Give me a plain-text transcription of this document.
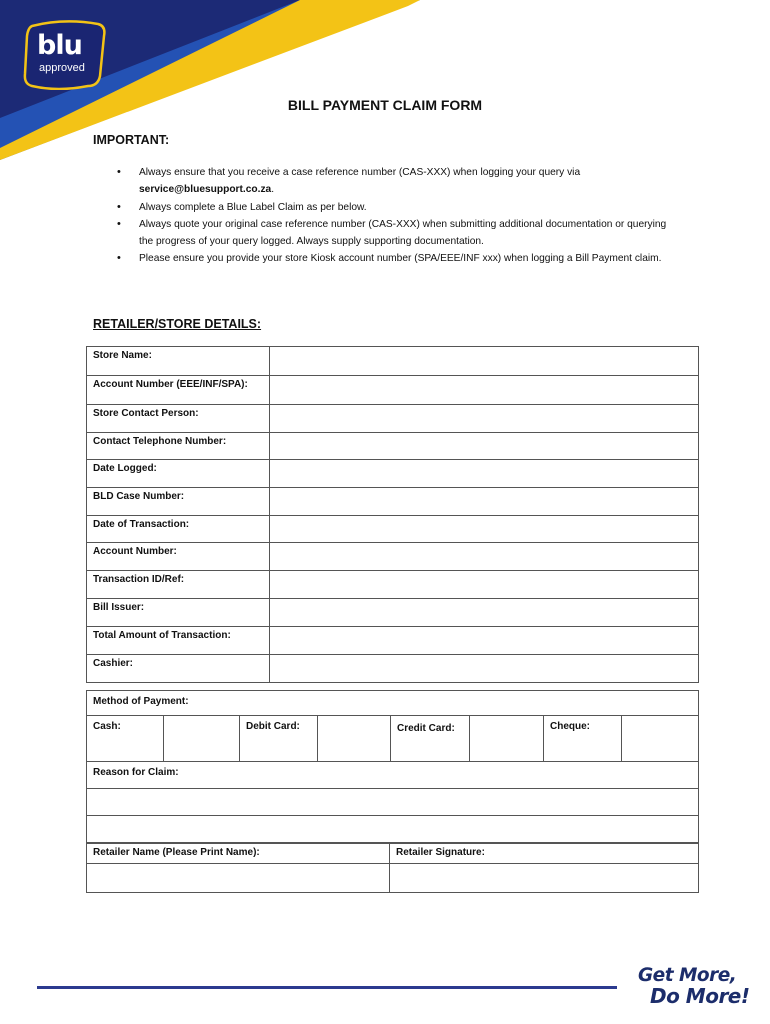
blu
approved
BILL PAYMENT CLAIM FORM
IMPORTANT:
• Always ensure that you receive a case reference number (CAS-XXX) when logging your query via service@bluesupport.co.za.
• Always complete a Blue Label Claim as per below.
• Always quote your original case reference number (CAS-XXX) when submitting additional documentation or querying the progress of your query logged. Always supply supporting documentation.
• Please ensure you provide your store Kiosk account number (SPA/EEE/INF xxx) when logging a Bill Payment claim.
RETAILER/STORE DETAILS:
Store Name:	
Account Number (EEE/INF/SPA):	
Store Contact Person:	
Contact Telephone Number:	
Date Logged:	
BLD Case Number:	
Date of Transaction:	
Account Number:	
Transaction ID/Ref:	
Bill Issuer:	
Total Amount of Transaction:	
Cashier:	
Method of Payment:
Cash:		Debit Card:		Credit Card:		Cheque:	
Reason for Claim:

Retailer Name (Please Print Name):	Retailer Signature:

Get More,
Do More!
